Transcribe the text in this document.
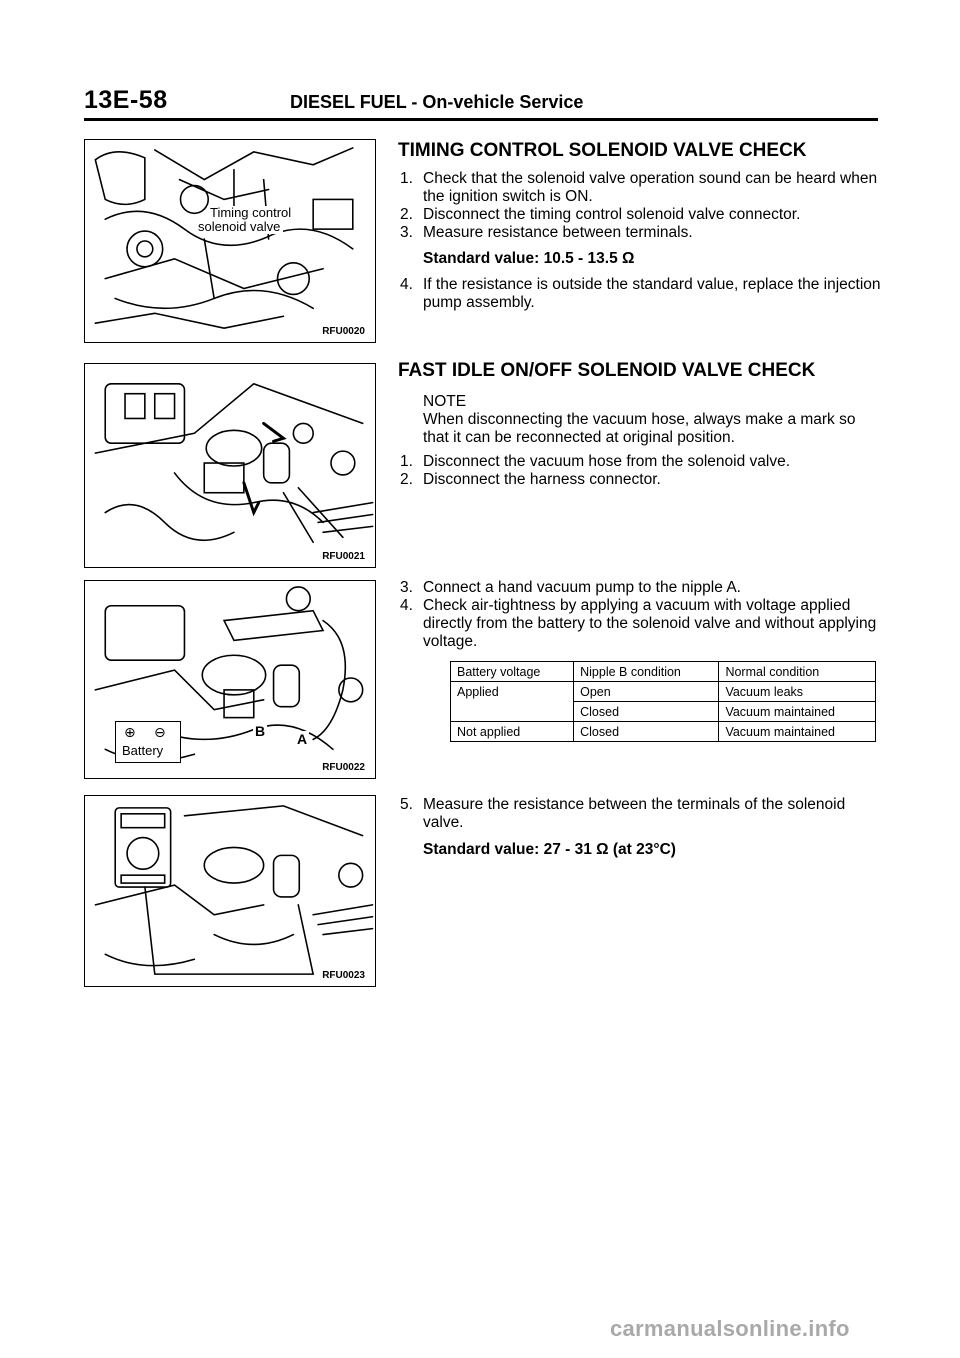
13E-58	DIESEL FUEL - On-vehicle Service
Timing control
solenoid valve
RFU0020
RFU0021
⊕ ⊖
Battery
B A
RFU0022
RFU0023

TIMING CONTROL SOLENOID VALVE CHECK

1. Check that the solenoid valve operation sound can be heard when the ignition switch is ON.

2. Disconnect the timing control solenoid valve connector.

3. Measure resistance between terminals.

Standard value: 10.5 - 13.5 Ω

4. If the resistance is outside the standard value, replace the injection pump assembly.

FAST IDLE ON/OFF SOLENOID VALVE CHECK

NOTE

When disconnecting the vacuum hose, always make a mark so that it can be reconnected at original position.

1. Disconnect the vacuum hose from the solenoid valve.

2. Disconnect the harness connector.

3. Connect a hand vacuum pump to the nipple A.

4. Check air-tightness by applying a vacuum with voltage applied directly from the battery to the solenoid valve and without applying voltage.

Battery voltage	Nipple B condition	Normal condition
Applied	Open	Vacuum leaks
	Closed	Vacuum maintained
Not applied	Closed	Vacuum maintained

5. Measure the resistance between the terminals of the solenoid valve.

Standard value: 27 - 31 Ω (at 23°C)

carmanualsonline.info
